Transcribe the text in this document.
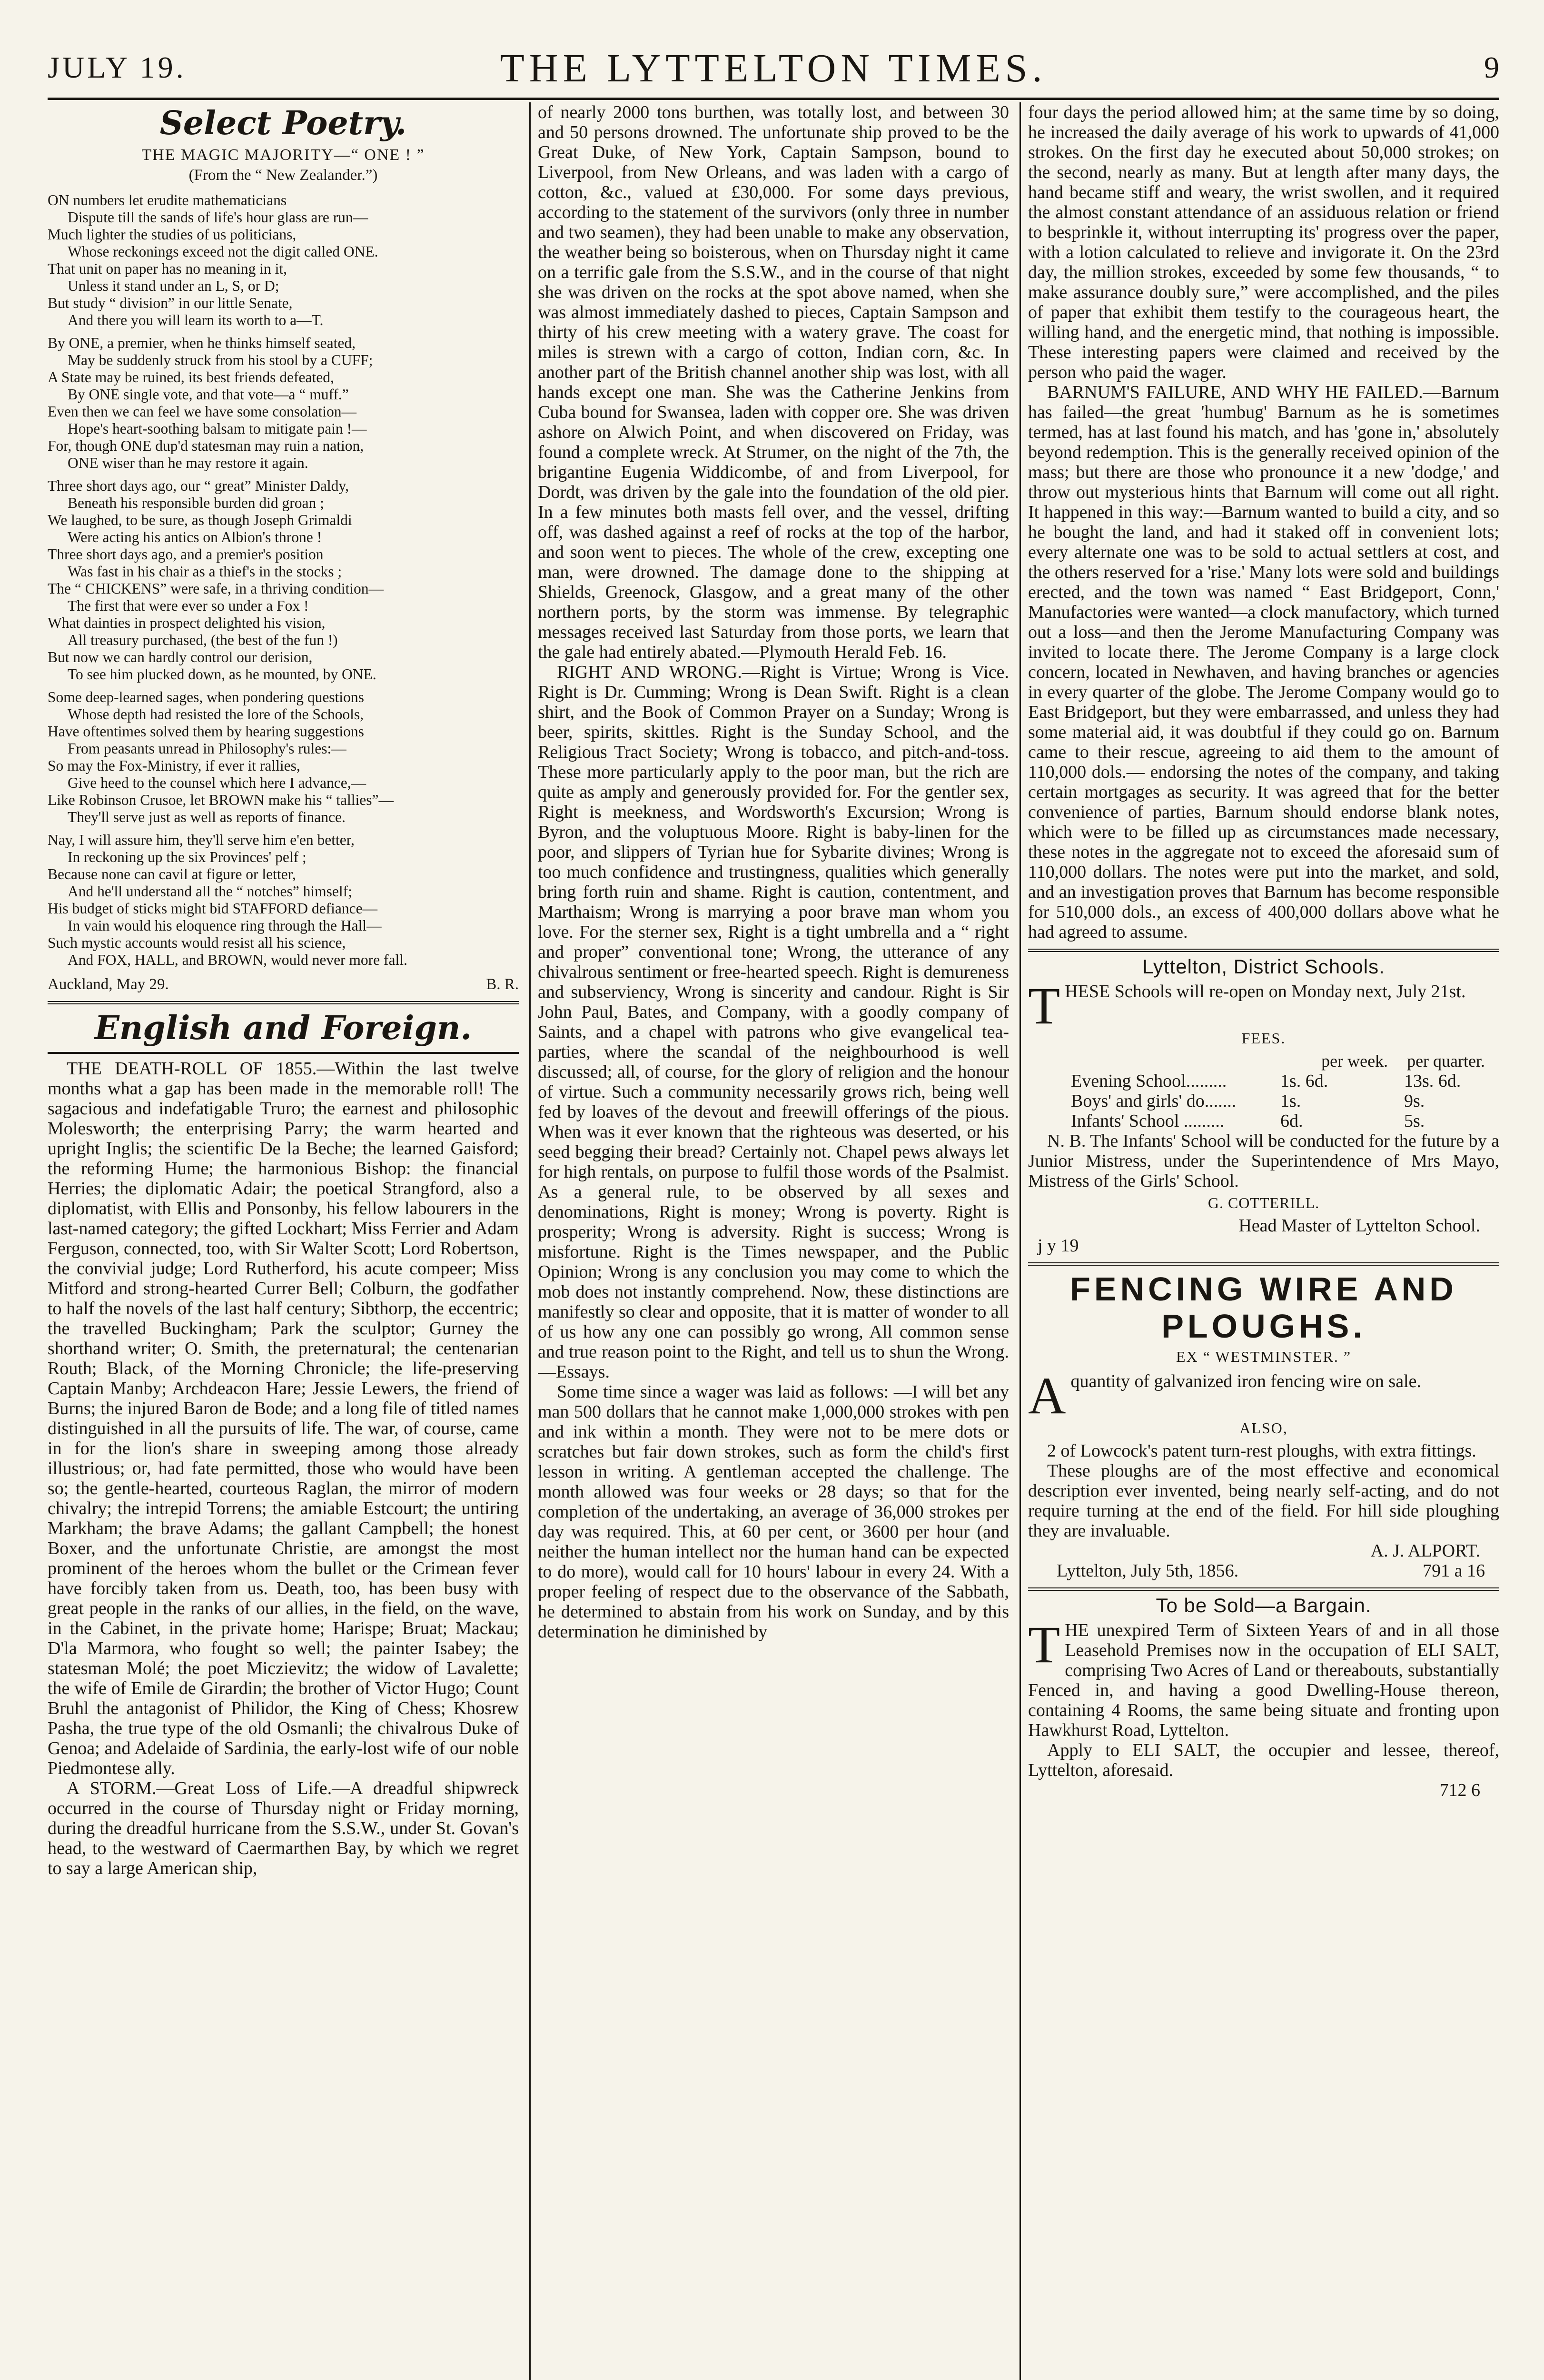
JULY 19.	THE LYTTELTON TIMES.	9
Select Poetry.
THE MAGIC MAJORITY—“ ONE ! ”
(From the “ New Zealander.”)
ON numbers let erudite mathematicians
Dispute till the sands of life's hour glass are run—
Much lighter the studies of us politicians,
Whose reckonings exceed not the digit called ONE.
That unit on paper has no meaning in it,
Unless it stand under an L, S, or D;
But study “ division” in our little Senate,
And there you will learn its worth to a—T.
By ONE, a premier, when he thinks himself seated,
May be suddenly struck from his stool by a CUFF;
A State may be ruined, its best friends defeated,
By ONE single vote, and that vote—a “ muff.”
Even then we can feel we have some consolation—
Hope's heart-soothing balsam to mitigate pain !—
For, though ONE dup'd statesman may ruin a nation,
ONE wiser than he may restore it again.
Three short days ago, our “ great” Minister Daldy,
Beneath his responsible burden did groan ;
We laughed, to be sure, as though Joseph Grimaldi
Were acting his antics on Albion's throne !
Three short days ago, and a premier's position
Was fast in his chair as a thief's in the stocks ;
The “ CHICKENS” were safe, in a thriving condition—
The first that were ever so under a Fox !
What dainties in prospect delighted his vision,
All treasury purchased, (the best of the fun !)
But now we can hardly control our derision,
To see him plucked down, as he mounted, by ONE.
Some deep-learned sages, when pondering questions
Whose depth had resisted the lore of the Schools,
Have oftentimes solved them by hearing suggestions
From peasants unread in Philosophy's rules:—
So may the Fox-Ministry, if ever it rallies,
Give heed to the counsel which here I advance,—
Like Robinson Crusoe, let BROWN make his “ tallies”—
They'll serve just as well as reports of finance.
Nay, I will assure him, they'll serve him e'en better,
In reckoning up the six Provinces' pelf ;
Because none can cavil at figure or letter,
And he'll understand all the “ notches” himself;
His budget of sticks might bid STAFFORD defiance—
In vain would his eloquence ring through the Hall—
Such mystic accounts would resist all his science,
And FOX, HALL, and BROWN, would never more fall.
Auckland, May 29.	B. R.
English and Foreign.

THE DEATH-ROLL OF 1855.—Within the last twelve months what a gap has been made in the memorable roll! The sagacious and indefatigable Truro; the earnest and philosophic Molesworth; the enterprising Parry; the warm hearted and upright Inglis; the scientific De la Beche; the learned Gaisford; the reforming Hume; the harmonious Bishop: the financial Herries; the diplomatic Adair; the poetical Strangford, also a diplomatist, with Ellis and Ponsonby, his fellow labourers in the last-named category; the gifted Lockhart; Miss Ferrier and Adam Ferguson, connected, too, with Sir Walter Scott; Lord Robertson, the convivial judge; Lord Rutherford, his acute compeer; Miss Mitford and strong-hearted Currer Bell; Colburn, the godfather to half the novels of the last half century; Sibthorp, the eccentric; the travelled Buckingham; Park the sculptor; Gurney the shorthand writer; O. Smith, the preternatural; the centenarian Routh; Black, of the Morning Chronicle; the life-preserving Captain Manby; Archdeacon Hare; Jessie Lewers, the friend of Burns; the injured Baron de Bode; and a long file of titled names distinguished in all the pursuits of life. The war, of course, came in for the lion's share in sweeping among those already illustrious; or, had fate permitted, those who would have been so; the gentle-hearted, courteous Raglan, the mirror of modern chivalry; the intrepid Torrens; the amiable Estcourt; the untiring Markham; the brave Adams; the gallant Campbell; the honest Boxer, and the unfortunate Christie, are amongst the most prominent of the heroes whom the bullet or the Crimean fever have forcibly taken from us. Death, too, has been busy with great people in the ranks of our allies, in the field, on the wave, in the Cabinet, in the private home; Harispe; Bruat; Mackau; D'la Marmora, who fought so well; the painter Isabey; the statesman Molé; the poet Miczievitz; the widow of Lavalette; the wife of Emile de Girardin; the brother of Victor Hugo; Count Bruhl the antagonist of Philidor, the King of Chess; Khosrew Pasha, the true type of the old Osmanli; the chivalrous Duke of Genoa; and Adelaide of Sardinia, the early-lost wife of our noble Piedmontese ally.

A STORM.—Great Loss of Life.—A dreadful shipwreck occurred in the course of Thursday night or Friday morning, during the dreadful hurricane from the S.S.W., under St. Govan's head, to the westward of Caermarthen Bay, by which we regret to say a large American ship,

of nearly 2000 tons burthen, was totally lost, and between 30 and 50 persons drowned. The unfortunate ship proved to be the Great Duke, of New York, Captain Sampson, bound to Liverpool, from New Orleans, and was laden with a cargo of cotton, &c., valued at £30,000. For some days previous, according to the statement of the survivors (only three in number and two seamen), they had been unable to make any observation, the weather being so boisterous, when on Thursday night it came on a terrific gale from the S.S.W., and in the course of that night she was driven on the rocks at the spot above named, when she was almost immediately dashed to pieces, Captain Sampson and thirty of his crew meeting with a watery grave. The coast for miles is strewn with a cargo of cotton, Indian corn, &c. In another part of the British channel another ship was lost, with all hands except one man. She was the Catherine Jenkins from Cuba bound for Swansea, laden with copper ore. She was driven ashore on Alwich Point, and when discovered on Friday, was found a complete wreck. At Strumer, on the night of the 7th, the brigantine Eugenia Widdicombe, of and from Liverpool, for Dordt, was driven by the gale into the foundation of the old pier. In a few minutes both masts fell over, and the vessel, drifting off, was dashed against a reef of rocks at the top of the harbor, and soon went to pieces. The whole of the crew, excepting one man, were drowned. The damage done to the shipping at Shields, Greenock, Glasgow, and a great many of the other northern ports, by the storm was immense. By telegraphic messages received last Saturday from those ports, we learn that the gale had entirely abated.—Plymouth Herald Feb. 16.

RIGHT AND WRONG.—Right is Virtue; Wrong is Vice. Right is Dr. Cumming; Wrong is Dean Swift. Right is a clean shirt, and the Book of Common Prayer on a Sunday; Wrong is beer, spirits, skittles. Right is the Sunday School, and the Religious Tract Society; Wrong is tobacco, and pitch-and-toss. These more particularly apply to the poor man, but the rich are quite as amply and generously provided for. For the gentler sex, Right is meekness, and Wordsworth's Excursion; Wrong is Byron, and the voluptuous Moore. Right is baby-linen for the poor, and slippers of Tyrian hue for Sybarite divines; Wrong is too much confidence and trustingness, qualities which generally bring forth ruin and shame. Right is caution, contentment, and Marthaism; Wrong is marrying a poor brave man whom you love. For the sterner sex, Right is a tight umbrella and a “ right and proper” conventional tone; Wrong, the utterance of any chivalrous sentiment or free-hearted speech. Right is demureness and subserviency, Wrong is sincerity and candour. Right is Sir John Paul, Bates, and Company, with a goodly company of Saints, and a chapel with patrons who give evangelical tea-parties, where the scandal of the neighbourhood is well discussed; all, of course, for the glory of religion and the honour of virtue. Such a community necessarily grows rich, being well fed by loaves of the devout and freewill offerings of the pious. When was it ever known that the righteous was deserted, or his seed begging their bread? Certainly not. Chapel pews always let for high rentals, on purpose to fulfil those words of the Psalmist. As a general rule, to be observed by all sexes and denominations, Right is money; Wrong is poverty. Right is prosperity; Wrong is adversity. Right is success; Wrong is misfortune. Right is the Times newspaper, and the Public Opinion; Wrong is any conclusion you may come to which the mob does not instantly comprehend. Now, these distinctions are manifestly so clear and opposite, that it is matter of wonder to all of us how any one can possibly go wrong, All common sense and true reason point to the Right, and tell us to shun the Wrong.—Essays.

Some time since a wager was laid as follows: —I will bet any man 500 dollars that he cannot make 1,000,000 strokes with pen and ink within a month. They were not to be mere dots or scratches but fair down strokes, such as form the child's first lesson in writing. A gentleman accepted the challenge. The month allowed was four weeks or 28 days; so that for the completion of the undertaking, an average of 36,000 strokes per day was required. This, at 60 per cent, or 3600 per hour (and neither the human intellect nor the human hand can be expected to do more), would call for 10 hours' labour in every 24. With a proper feeling of respect due to the observance of the Sabbath, he determined to abstain from his work on Sunday, and by this determination he diminished by

four days the period allowed him; at the same time by so doing, he increased the daily average of his work to upwards of 41,000 strokes. On the first day he executed about 50,000 strokes; on the second, nearly as many. But at length after many days, the hand became stiff and weary, the wrist swollen, and it required the almost constant attendance of an assiduous relation or friend to besprinkle it, without interrupting its' progress over the paper, with a lotion calculated to relieve and invigorate it. On the 23rd day, the million strokes, exceeded by some few thousands, “ to make assurance doubly sure,” were accomplished, and the piles of paper that exhibit them testify to the courageous heart, the willing hand, and the energetic mind, that nothing is impossible. These interesting papers were claimed and received by the person who paid the wager.

BARNUM'S FAILURE, AND WHY HE FAILED.—Barnum has failed—the great 'humbug' Barnum as he is sometimes termed, has at last found his match, and has 'gone in,' absolutely beyond redemption. This is the generally received opinion of the mass; but there are those who pronounce it a new 'dodge,' and throw out mysterious hints that Barnum will come out all right. It happened in this way:—Barnum wanted to build a city, and so he bought the land, and had it staked off in convenient lots; every alternate one was to be sold to actual settlers at cost, and the others reserved for a 'rise.' Many lots were sold and buildings erected, and the town was named “ East Bridgeport, Conn,' Manufactories were wanted—a clock manufactory, which turned out a loss—and then the Jerome Manufacturing Company was invited to locate there. The Jerome Company is a large clock concern, located in Newhaven, and having branches or agencies in every quarter of the globe. The Jerome Company would go to East Bridgeport, but they were embarrassed, and unless they had some material aid, it was doubtful if they could go on. Barnum came to their rescue, agreeing to aid them to the amount of 110,000 dols.— endorsing the notes of the company, and taking certain mortgages as security. It was agreed that for the better convenience of parties, Barnum should endorse blank notes, which were to be filled up as circumstances made necessary, these notes in the aggregate not to exceed the aforesaid sum of 110,000 dollars. The notes were put into the market, and sold, and an investigation proves that Barnum has become responsible for 510,000 dols., an excess of 400,000 dollars above what he had agreed to assume.

Lyttelton, District Schools.

THESE Schools will re-open on Monday next, July 21st.

FEES.
per week. per quarter.
Evening School.........	1s. 6d.	13s. 6d.
Boys' and girls' do.......	1s.	9s.
Infants' School .........	6d.	5s.

N. B. The Infants' School will be conducted for the future by a Junior Mistress, under the Superintendence of Mrs Mayo, Mistress of the Girls' School.

G. COTTERILL.
Head Master of Lyttelton School.
j y 19
FENCING WIRE AND PLOUGHS.
EX “ WESTMINSTER. ”

Aquantity of galvanized iron fencing wire on sale.

ALSO,

2 of Lowcock's patent turn-rest ploughs, with extra fittings.

These ploughs are of the most effective and economical description ever invented, being nearly self-acting, and do not require turning at the end of the field. For hill side ploughing they are invaluable.

A. J. ALPORT.
Lyttelton, July 5th, 1856.	791 a 16
To be Sold—a Bargain.

THE unexpired Term of Sixteen Years of and in all those Leasehold Premises now in the occupation of ELI SALT, comprising Two Acres of Land or thereabouts, substantially Fenced in, and having a good Dwelling-House thereon, containing 4 Rooms, the same being situate and fronting upon Hawkhurst Road, Lyttelton.

Apply to ELI SALT, the occupier and lessee, thereof, Lyttelton, aforesaid.

712 6
